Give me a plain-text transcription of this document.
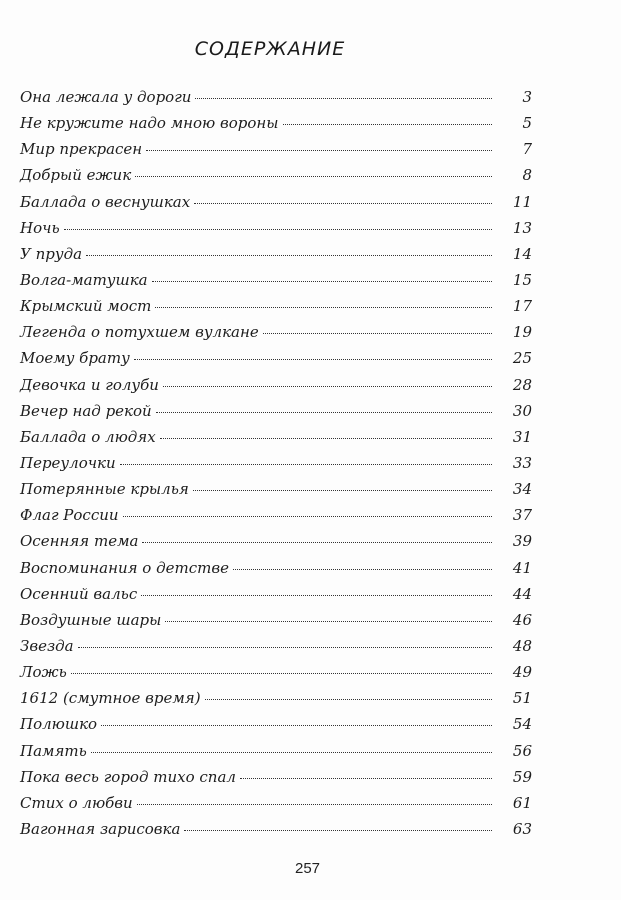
СОДЕРЖАНИЕ
Она лежала у дороги	3
Не кружите надо мною вороны	5
Мир прекрасен	7
Добрый ежик	8
Баллада о веснушках	11
Ночь	13
У пруда	14
Волга-матушка	15
Крымский мост	17
Легенда о потухшем вулкане	19
Моему брату	25
Девочка и голуби	28
Вечер над рекой	30
Баллада о людях	31
Переулочки	33
Потерянные крылья	34
Флаг России	37
Осенняя тема	39
Воспоминания о детстве	41
Осенний вальс	44
Воздушные шары	46
Звезда	48
Ложь	49
1612 (смутное время)	51
Полюшко	54
Память	56
Пока весь город тихо спал	59
Стих о любви	61
Вагонная зарисовка	63
257
